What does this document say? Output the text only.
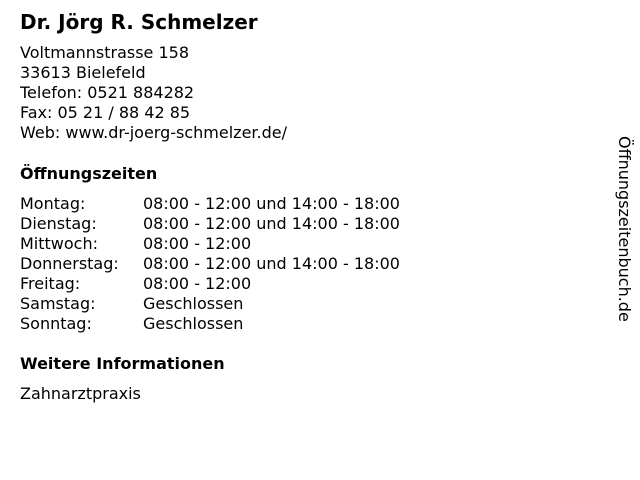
Dr. Jörg R. Schmelzer
Voltmannstrasse 158
33613 Bielefeld
Telefon: 0521 884282
Fax: 05 21 / 88 42 85
Web: www.dr-joerg-schmelzer.de/
Öffnungszeiten
Montag:	08:00 - 12:00 und 14:00 - 18:00
Dienstag:	08:00 - 12:00 und 14:00 - 18:00
Mittwoch:	08:00 - 12:00
Donnerstag:	08:00 - 12:00 und 14:00 - 18:00
Freitag:	08:00 - 12:00
Samstag:	Geschlossen
Sonntag:	Geschlossen
Weitere Informationen
Zahnarztpraxis
Öffnungszeitenbuch.de
